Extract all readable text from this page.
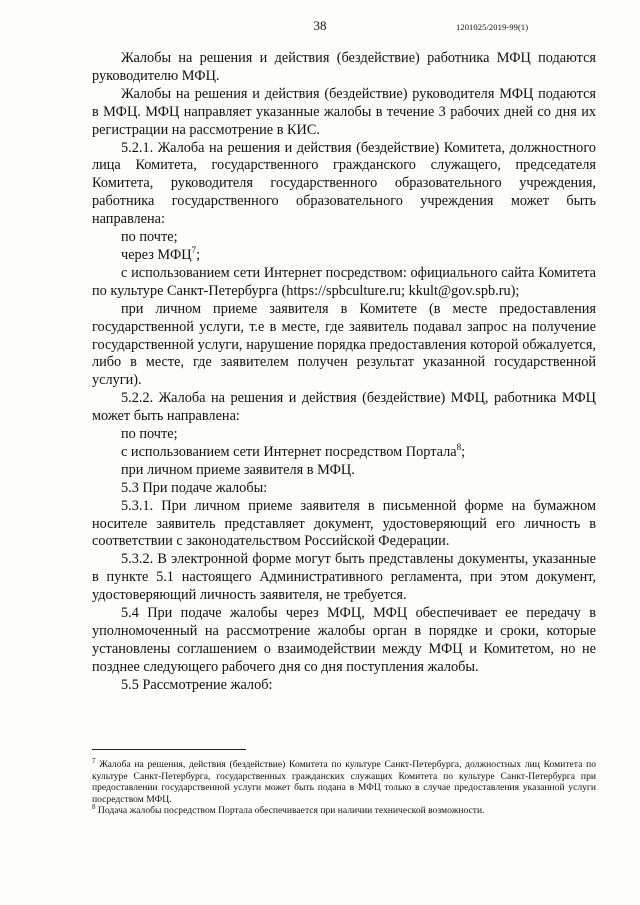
38	1201025/2019-99(1)

Жалобы на решения и действия (бездействие) работника МФЦ подаются руководителю МФЦ.

Жалобы на решения и действия (бездействие) руководителя МФЦ подаются в МФЦ. МФЦ направляет указанные жалобы в течение 3 рабочих дней со дня их регистрации на рассмотрение в КИС.

5.2.1. Жалоба на решения и действия (бездействие) Комитета, должностного лица Комитета, государственного гражданского служащего, председателя Комитета, руководителя государственного образовательного учреждения, работника государственного образовательного учреждения может быть направлена:

по почте;

через МФЦ$^7$;

с использованием сети Интернет посредством: официального сайта Комитета по культуре Санкт-Петербурга (https://spbculture.ru; kkult@gov.spb.ru);

при личном приеме заявителя в Комитете (в месте предоставления государственной услуги, т.е в месте, где заявитель подавал запрос на получение государственной услуги, нарушение порядка предоставления которой обжалуется, либо в месте, где заявителем получен результат указанной государственной услуги).

5.2.2. Жалоба на решения и действия (бездействие) МФЦ, работника МФЦ может быть направлена:

по почте;

с использованием сети Интернет посредством Портала$^8$;

при личном приеме заявителя в МФЦ.

5.3 При подаче жалобы:

5.3.1. При личном приеме заявителя в письменной форме на бумажном носителе заявитель представляет документ, удостоверяющий его личность в соответствии с законодательством Российской Федерации.

5.3.2. В электронной форме могут быть представлены документы, указанные в пункте 5.1 настоящего Административного регламента, при этом документ, удостоверяющий личность заявителя, не требуется.

5.4 При подаче жалобы через МФЦ, МФЦ обеспечивает ее передачу в уполномоченный на рассмотрение жалобы орган в порядке и сроки, которые установлены соглашением о взаимодействии между МФЦ и Комитетом, но не позднее следующего рабочего дня со дня поступления жалобы.

5.5 Рассмотрение жалоб:

$^7$ Жалоба на решения, действия (бездействие) Комитета по культуре Санкт-Петербурга, должностных лиц Комитета по культуре Санкт-Петербурга, государственных гражданских служащих Комитета по культуре Санкт-Петербурга при предоставлении государственной услуги может быть подана в МФЦ только в случае предоставления указанной услуги посредством МФЦ.

$^8$ Подача жалобы посредством Портала обеспечивается при наличии технической возможности.
